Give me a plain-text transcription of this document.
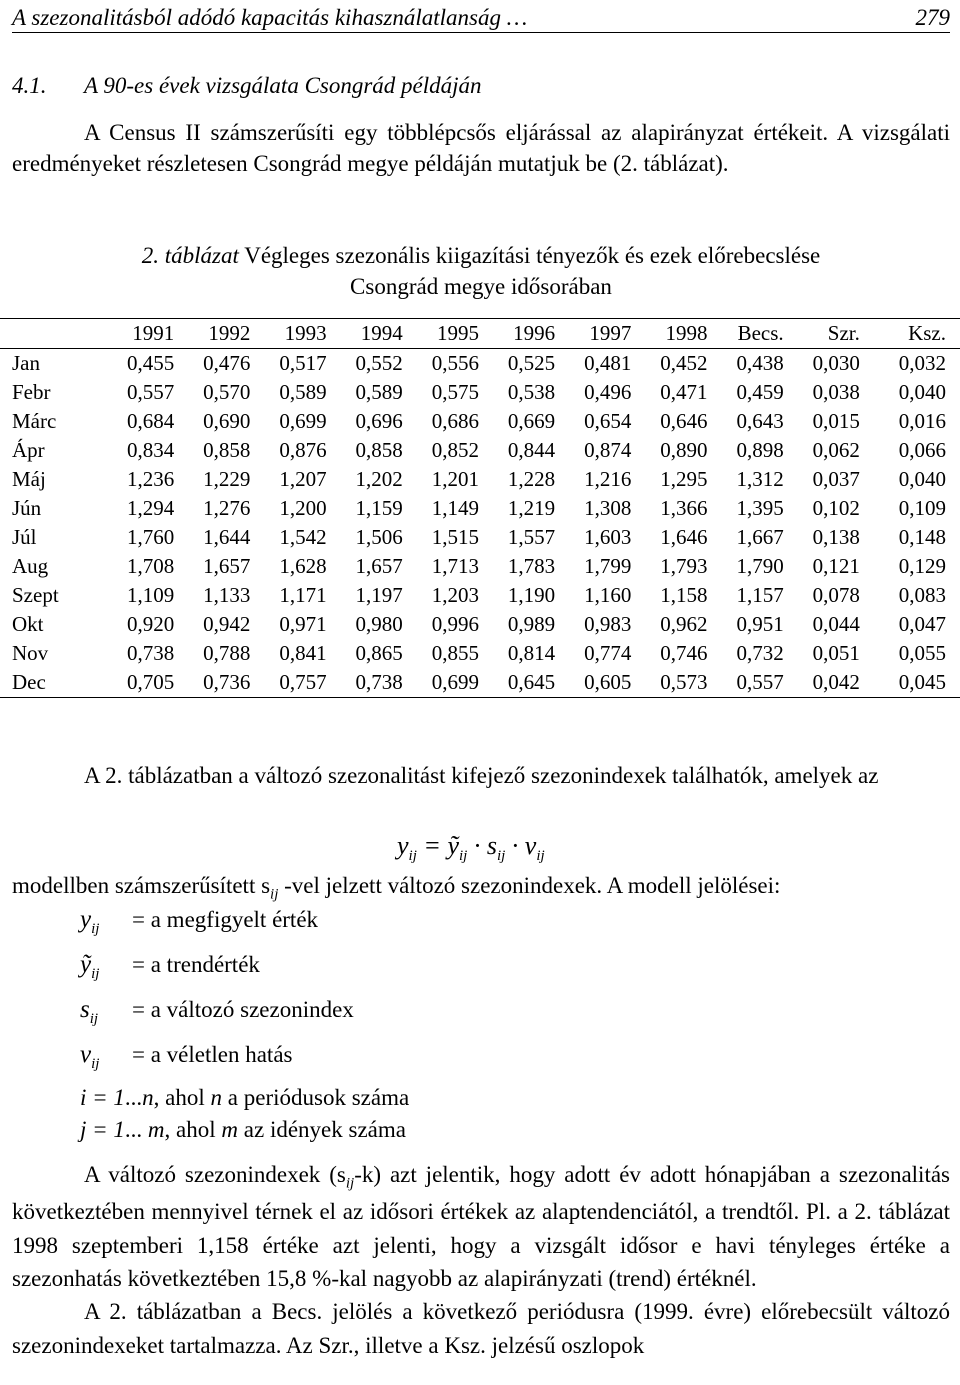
A szezonalitásból adódó kapacitás kihasználatlanság …	279
4.1. A 90-es évek vizsgálata Csongrád példáján
A Census II számszerűsíti egy többlépcsős eljárással az alapirányzat értékeit. A vizsgálati eredményeket részletesen Csongrád megye példáján mutatjuk be (2. táblázat).
2. táblázat Végleges szezonális kiigazítási tényezők és ezek előrebecslése
Csongrád megye idősorában
	1991	1992	1993	1994	1995	1996	1997	1998	Becs.	Szr.	Ksz.
Jan	0,455	0,476	0,517	0,552	0,556	0,525	0,481	0,452	0,438	0,030	0,032
Febr	0,557	0,570	0,589	0,589	0,575	0,538	0,496	0,471	0,459	0,038	0,040
Márc	0,684	0,690	0,699	0,696	0,686	0,669	0,654	0,646	0,643	0,015	0,016
Ápr	0,834	0,858	0,876	0,858	0,852	0,844	0,874	0,890	0,898	0,062	0,066
Máj	1,236	1,229	1,207	1,202	1,201	1,228	1,216	1,295	1,312	0,037	0,040
Jún	1,294	1,276	1,200	1,159	1,149	1,219	1,308	1,366	1,395	0,102	0,109
Júl	1,760	1,644	1,542	1,506	1,515	1,557	1,603	1,646	1,667	0,138	0,148
Aug	1,708	1,657	1,628	1,657	1,713	1,783	1,799	1,793	1,790	0,121	0,129
Szept	1,109	1,133	1,171	1,197	1,203	1,190	1,160	1,158	1,157	0,078	0,083
Okt	0,920	0,942	0,971	0,980	0,996	0,989	0,983	0,962	0,951	0,044	0,047
Nov	0,738	0,788	0,841	0,865	0,855	0,814	0,774	0,746	0,732	0,051	0,055
Dec	0,705	0,736	0,757	0,738	0,699	0,645	0,605	0,573	0,557	0,042	0,045
A 2. táblázatban a változó szezonalitást kifejező szezonindexek találhatók, amelyek az
$y_{ij}$ = ỹ$_{ij}$ · $s_{ij} \cdot v_{ij}$
modellben számszerűsített $s_{ij}$ -vel jelzett változó szezonindexek. A modell jelölései:
$y_{ij} = a$ megfigyelt érték
ỹ$_{ij}$ = a trendérték
$s_{ij} = a$ változó szezonindex
$v_{ij} = a$ véletlen hatás
i = 1...n, ahol n a periódusok száma
j = 1... m, ahol m az idények száma
A változó szezonindexek $(s_{ij}-k)$ azt jelentik, hogy adott év adott hónapjában a szezonalitás következtében mennyivel térnek el az idősori értékek az alaptendenciától, a trendtől. Pl. a 2. táblázat 1998 szeptemberi 1,158 értéke azt jelenti, hogy a vizsgált idősor e havi tényleges értéke a szezonhatás következtében 15,8 %-kal nagyobb az alapirányzati (trend) értéknél.
A 2. táblázatban a Becs. jelölés a következő periódusra (1999. évre) előrebecsült változó szezonindexeket tartalmazza. Az Szr., illetve a Ksz. jelzésű oszlopok
